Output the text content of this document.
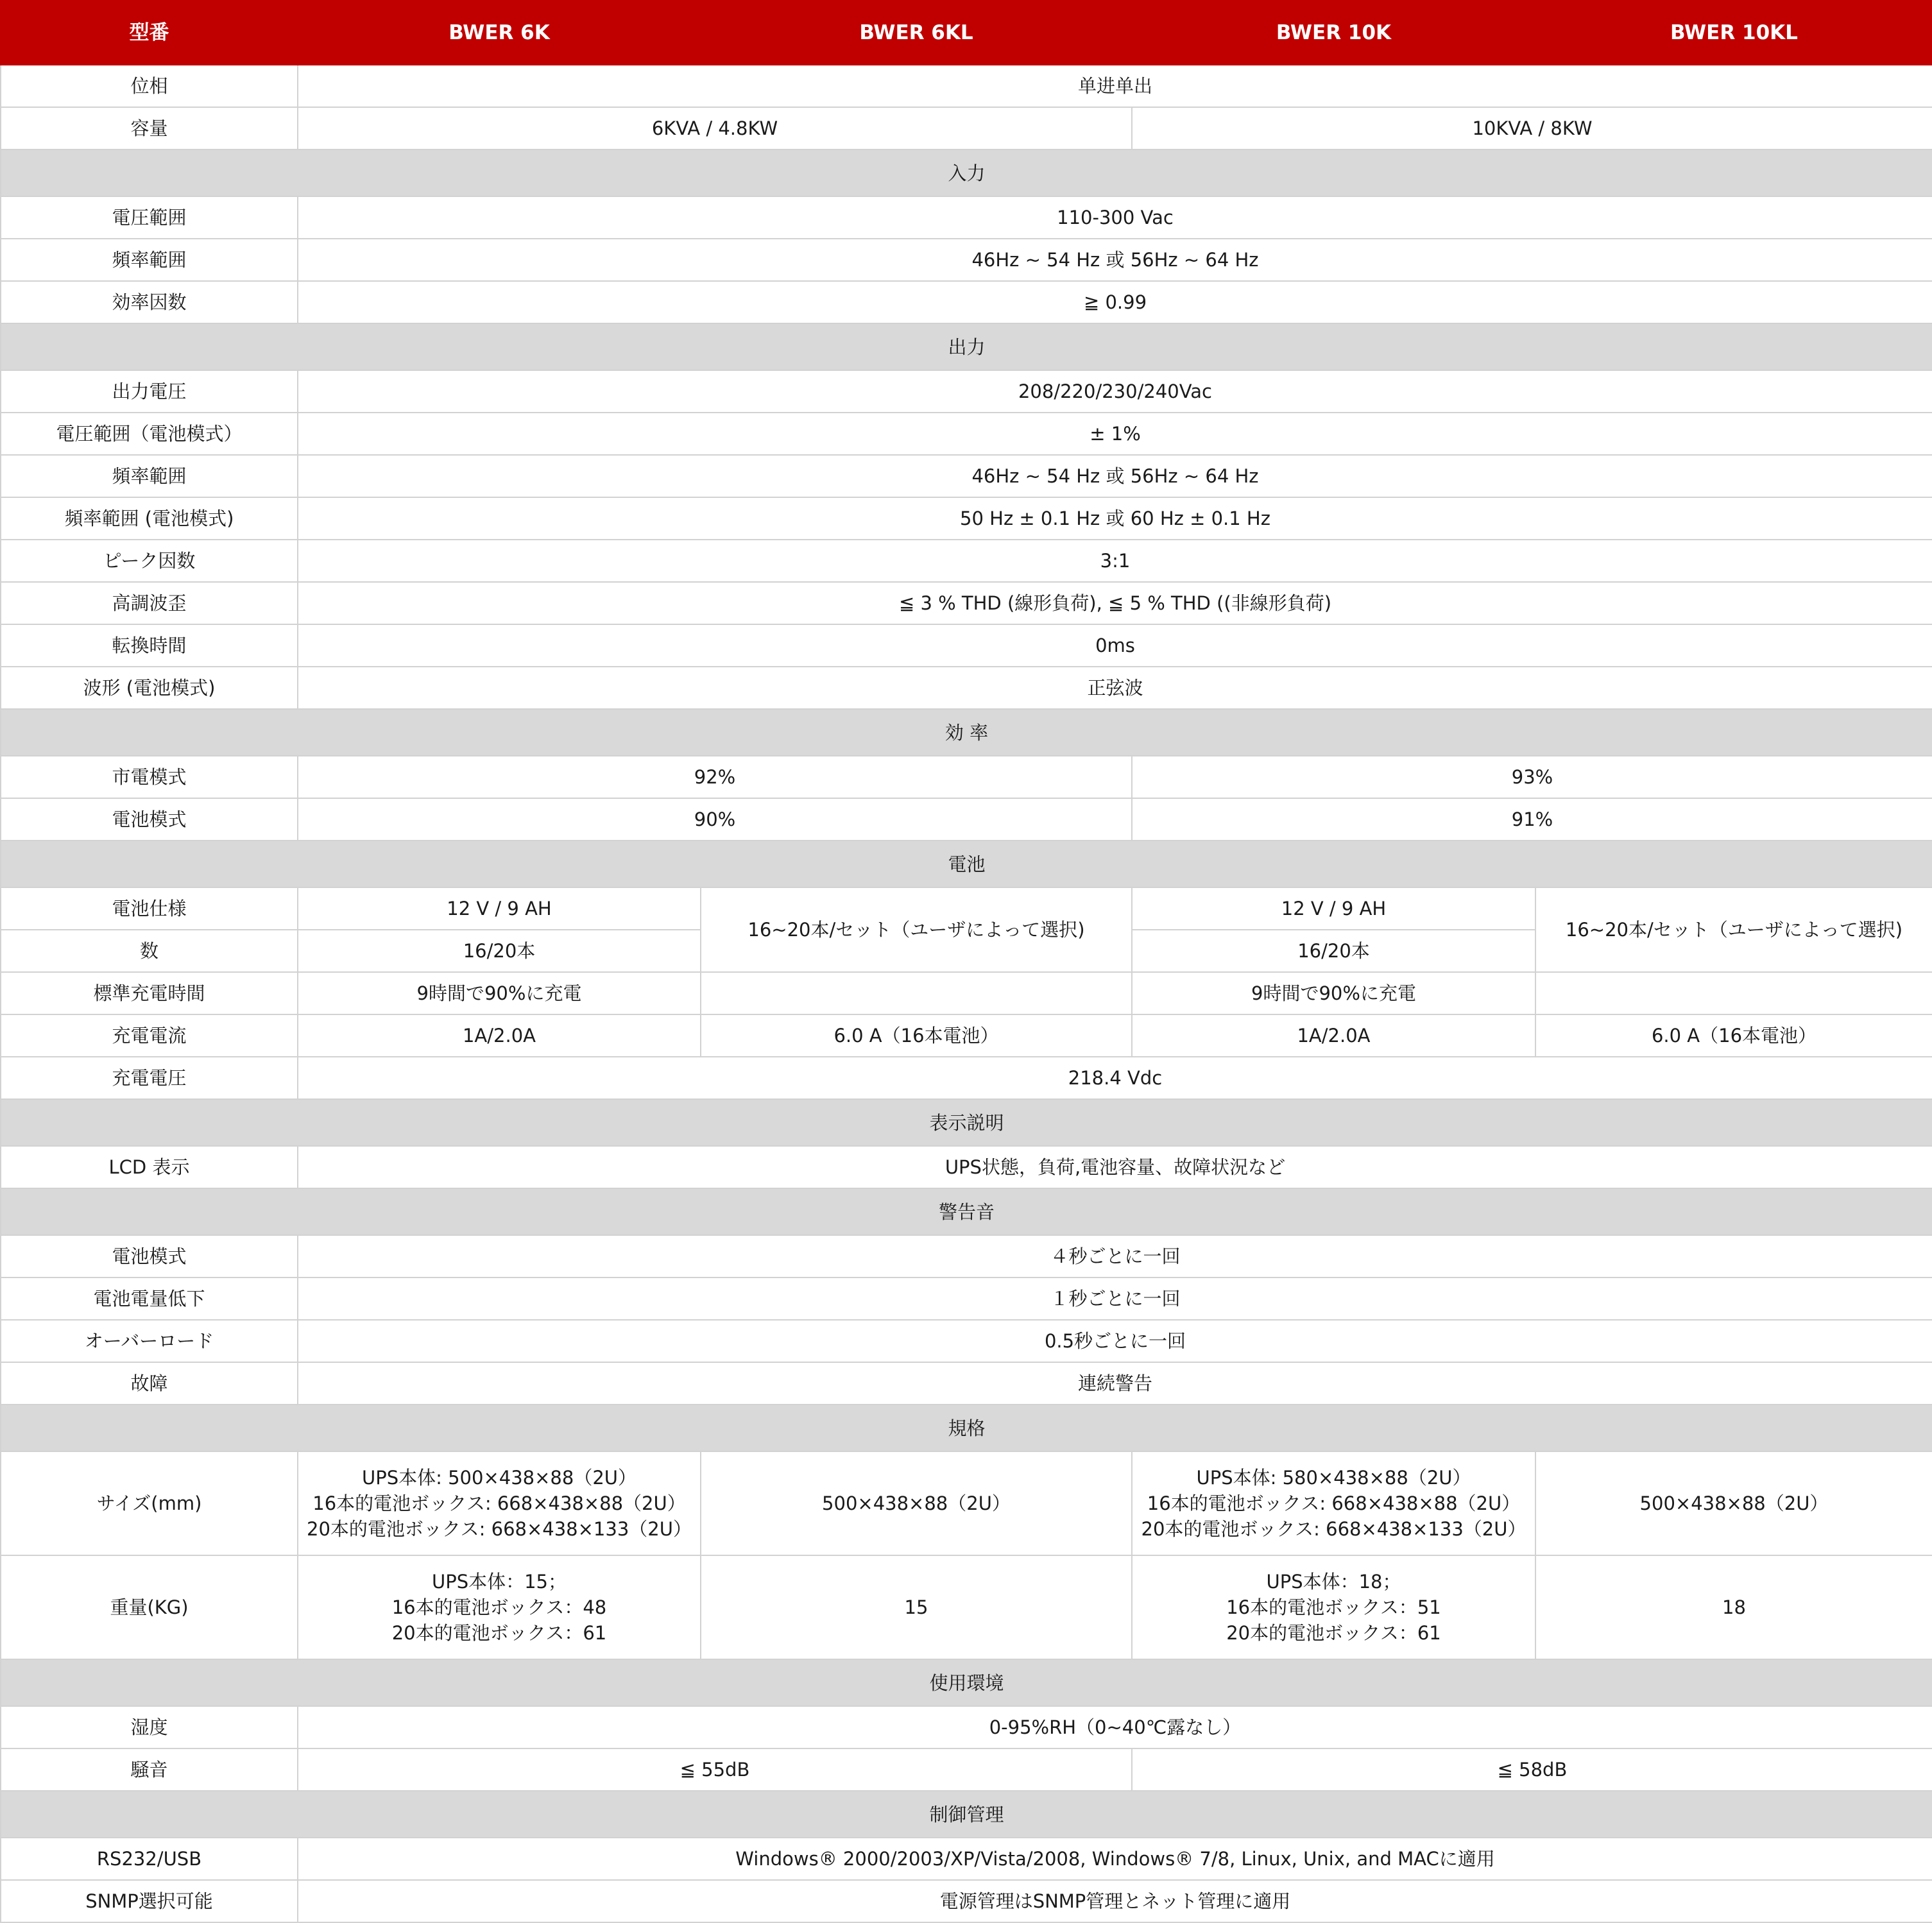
型番	BWER 6K	BWER 6KL	BWER 10K	BWER 10KL
位相	单进单出			
容量	6KVA / 4.8KW		10KVA / 8KW	
入力				
電圧範囲	110-300 Vac			
頻率範囲	46Hz ~ 54 Hz 或 56Hz ~ 64 Hz			
効率因数	≧ 0.99			
出力				
出力電圧	208/220/230/240Vac			
電圧範囲（電池模式）	± 1%			
頻率範囲	46Hz ~ 54 Hz 或 56Hz ~ 64 Hz			
頻率範囲 (電池模式)	50 Hz ± 0.1 Hz 或 60 Hz ± 0.1 Hz			
ピーク因数	3:1			
高調波歪	≦ 3 % THD (線形負荷), ≦ 5 % THD ((非線形負荷)			
転換時間	0ms			
波形 (電池模式)	正弦波			
効 率				
市電模式	92%		93%	
電池模式	90%		91%	
電池				
電池仕様	12 V / 9 AH	16~20本/セット（ユーザによって選択)	12 V / 9 AH	16~20本/セット（ユーザによって選択)
数	16/20本		16/20本	
標準充電時間	9時間で90%に充電		9時間で90%に充電	
充電電流	1A/2.0A	6.0 A（16本電池）	1A/2.0A	6.0 A（16本電池）
充電電圧	218.4 Vdc			
表示説明				
LCD 表示	UPS状態，負荷,電池容量、故障状況など			
警告音				
電池模式	４秒ごとに一回			
電池電量低下	１秒ごとに一回			
オーバーロード	0.5秒ごとに一回			
故障	連続警告			
規格				
サイズ(mm)	UPS本体: 500×438×88（2U）
16本的電池ボックス: 668×438×88（2U）
20本的電池ボックス: 668×438×133（2U）	500×438×88（2U）	UPS本体: 580×438×88（2U）
16本的電池ボックス: 668×438×88（2U）
20本的電池ボックス: 668×438×133（2U）	500×438×88（2U）
重量(KG)	UPS本体：15；
16本的電池ボックス：48
20本的電池ボックス：61	15	UPS本体：18；
16本的電池ボックス：51
20本的電池ボックス：61	18
使用環境				
湿度	0-95%RH（0~40℃露なし）			
騒音	≦ 55dB		≦ 58dB	
制御管理				
RS232/USB	Windows® 2000/2003/XP/Vista/2008, Windows® 7/8, Linux, Unix, and MACに適用			
SNMP選択可能	電源管理はSNMP管理とネット管理に適用			
